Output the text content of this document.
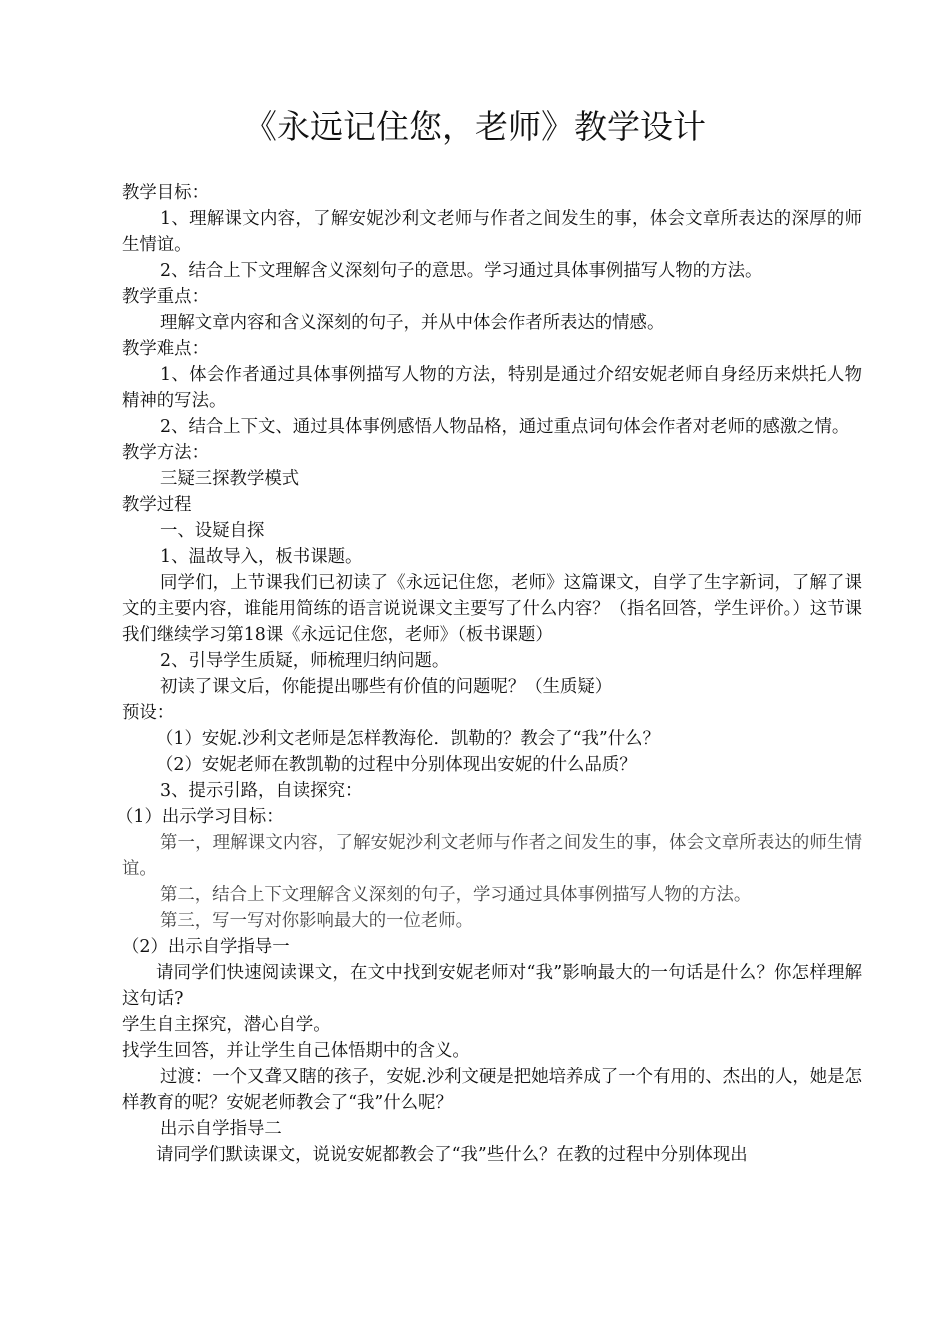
《永远记住您，老师》教学设计

教学目标：

1、理解课文内容，了解安妮沙利文老师与作者之间发生的事，体会文章所表达的深厚的师生情谊。

2、结合上下文理解含义深刻句子的意思。学习通过具体事例描写人物的方法。

教学重点：

理解文章内容和含义深刻的句子，并从中体会作者所表达的情感。

教学难点：

1、体会作者通过具体事例描写人物的方法，特别是通过介绍安妮老师自身经历来烘托人物精神的写法。

2、结合上下文、通过具体事例感悟人物品格，通过重点词句体会作者对老师的感激之情。

教学方法：

三疑三探教学模式

教学过程

一、设疑自探

1、温故导入，板书课题。

同学们，上节课我们已初读了《永远记住您，老师》这篇课文，自学了生字新词，了解了课文的主要内容，谁能用简练的语言说说课文主要写了什么内容？（指名回答，学生评价。）这节课我们继续学习第18课《永远记住您，老师》（板书课题）

2、引导学生质疑，师梳理归纳问题。

初读了课文后，你能提出哪些有价值的问题呢？（生质疑）

预设：

（1）安妮.沙利文老师是怎样教海伦．凯勒的？教会了“我”什么？

（2）安妮老师在教凯勒的过程中分别体现出安妮的什么品质？

3、提示引路，自读探究：

（1）出示学习目标：

第一，理解课文内容，了解安妮沙利文老师与作者之间发生的事，体会文章所表达的师生情谊。

第二，结合上下文理解含义深刻的句子，学习通过具体事例描写人物的方法。

第三，写一写对你影响最大的一位老师。

（2）出示自学指导一

请同学们快速阅读课文，在文中找到安妮老师对“我”影响最大的一句话是什么？你怎样理解这句话?

学生自主探究，潜心自学。

找学生回答，并让学生自己体悟期中的含义。

过渡：一个又聋又瞎的孩子，安妮.沙利文硬是把她培养成了一个有用的、杰出的人，她是怎样教育的呢？安妮老师教会了“我”什么呢？

出示自学指导二

请同学们默读课文，说说安妮都教会了“我”些什么？在教的过程中分别体现出
